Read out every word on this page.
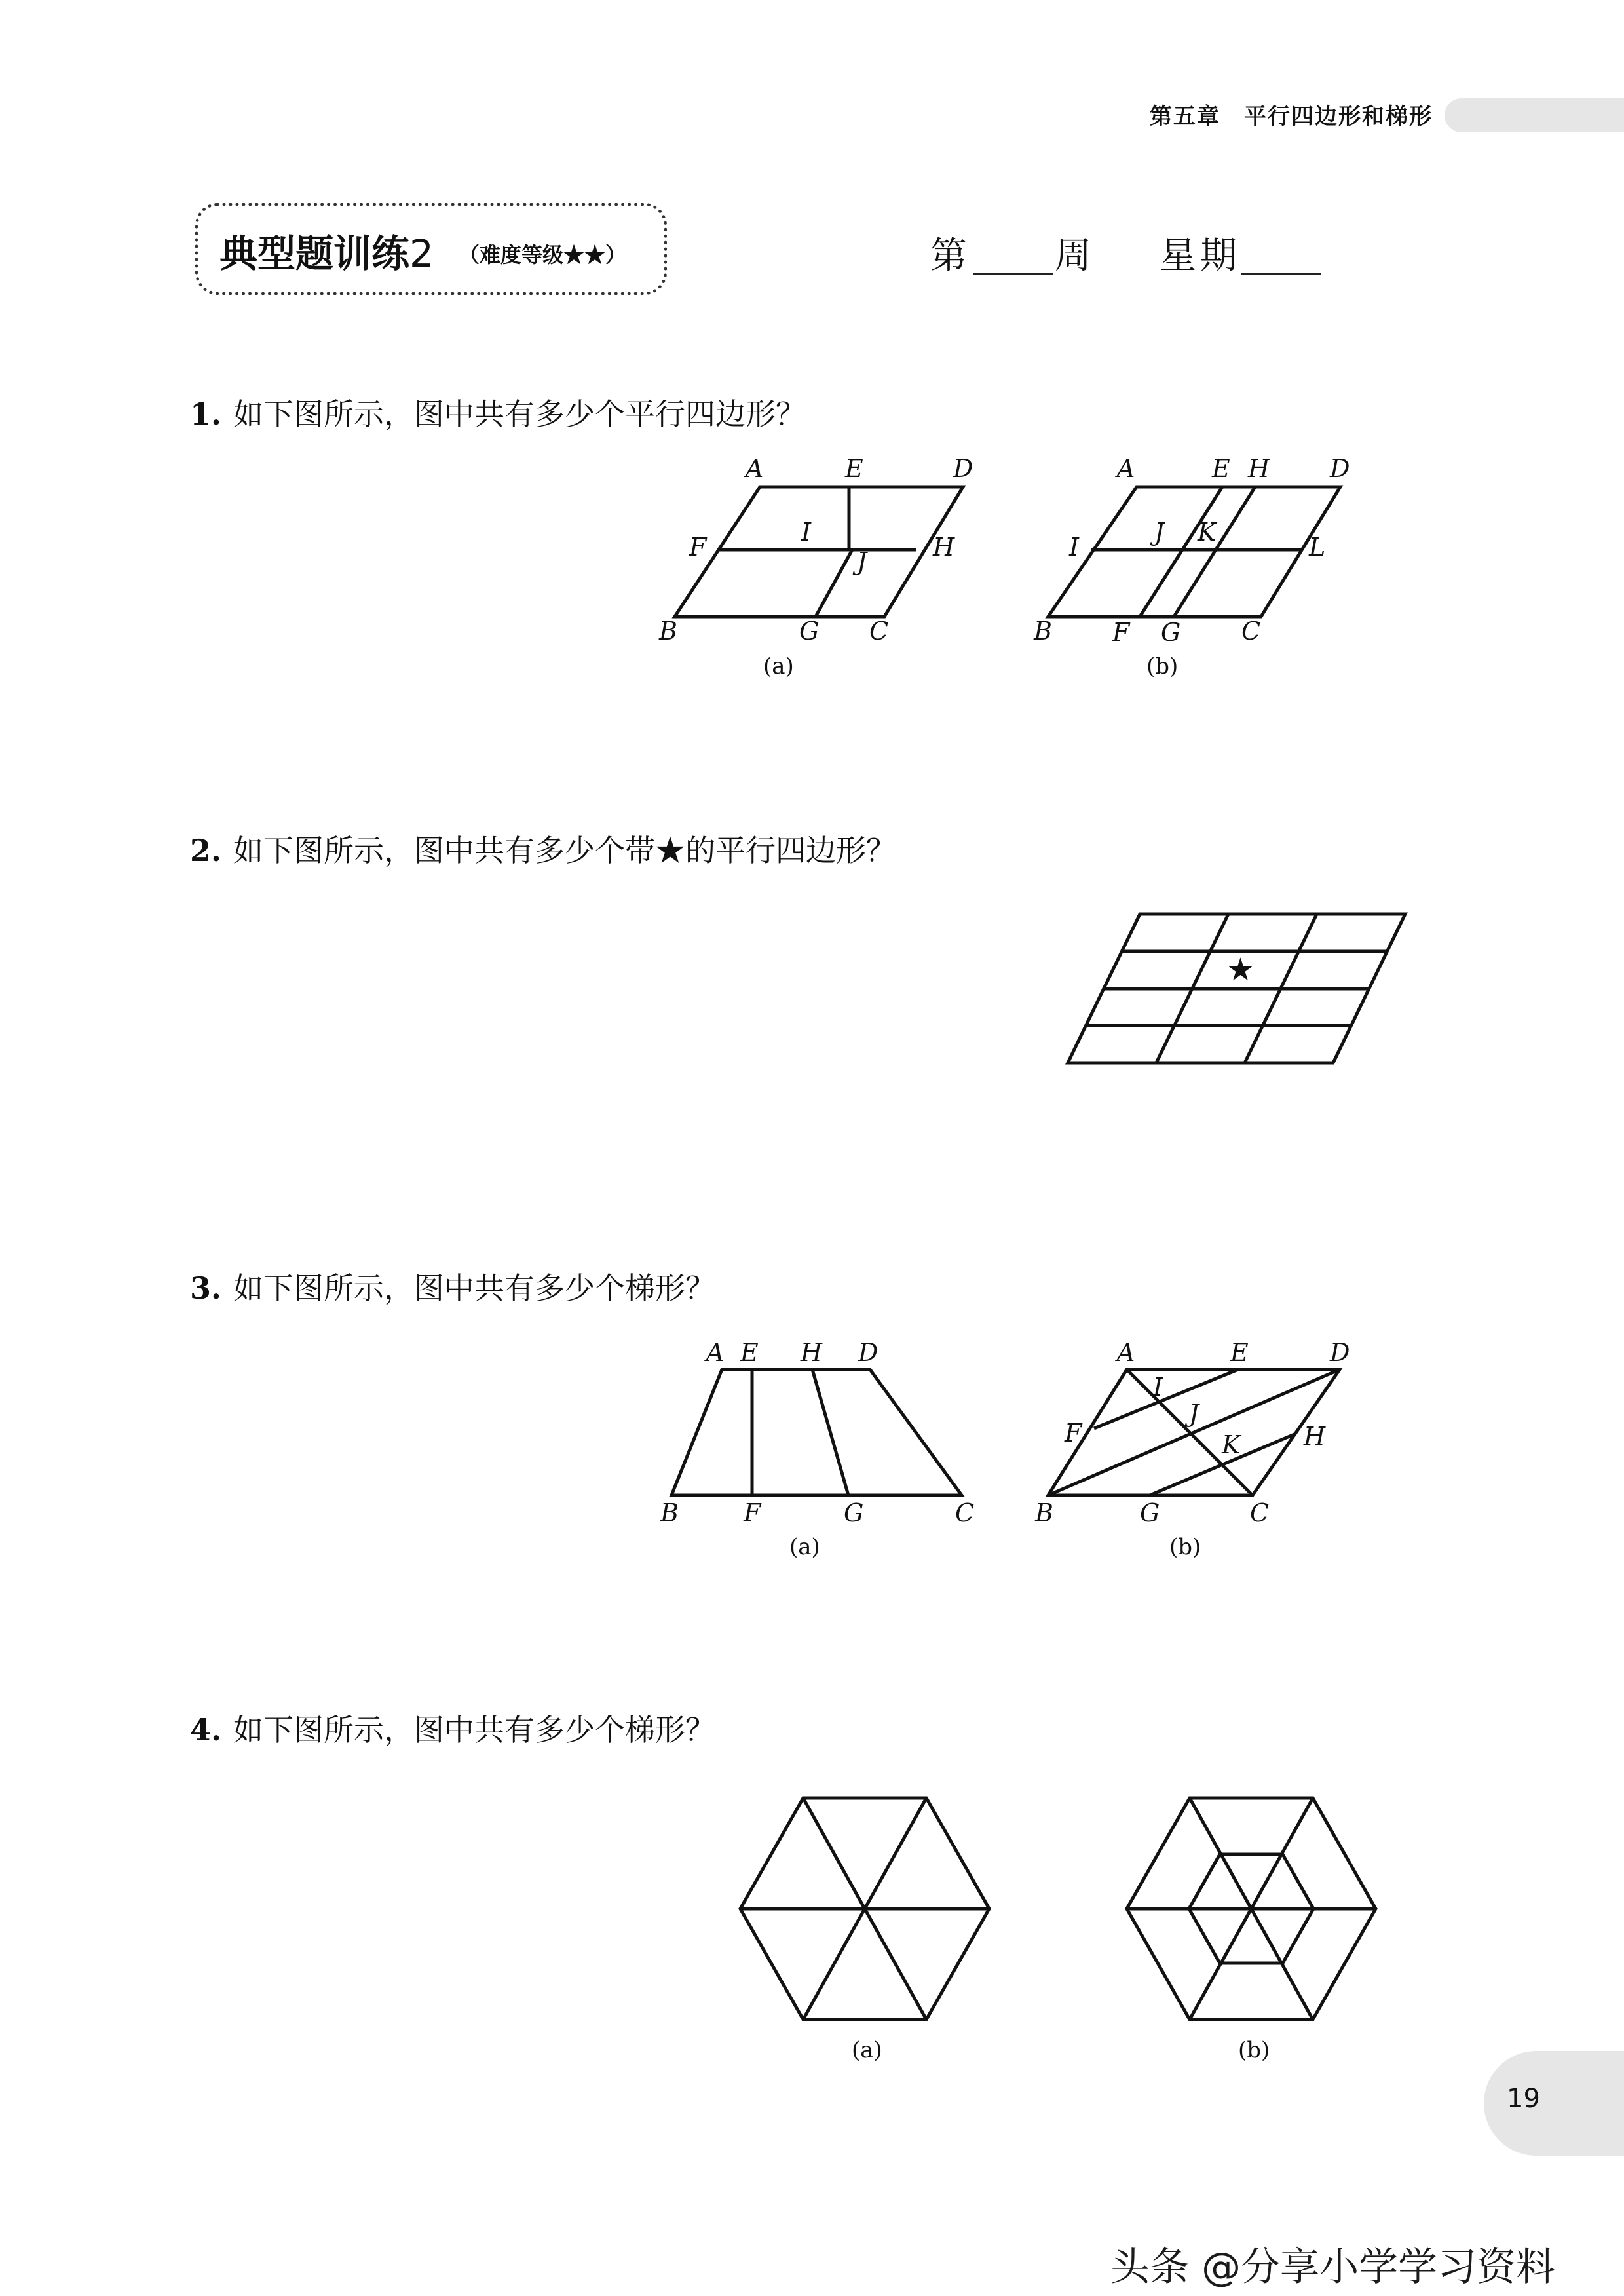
第五章　平行四边形和梯形
典型题训练2 （难度等级★★）	第 周 星期
1. 如下图所示，图中共有多少个平行四边形？
A	E	D
F
I
J	H
B	G C
(a)
A	E H D
I
J K
L
B F G C
(b)
2. 如下图所示，图中共有多少个带★的平行四边形？
★
3. 如下图所示，图中共有多少个梯形？
A E H D
B	F	G	C
(a)
A	E	D
I
J
F	K	H
B	G	C
(b)
4. 如下图所示，图中共有多少个梯形？
(a)	(b)
19
头条 @分享小学学习资料
